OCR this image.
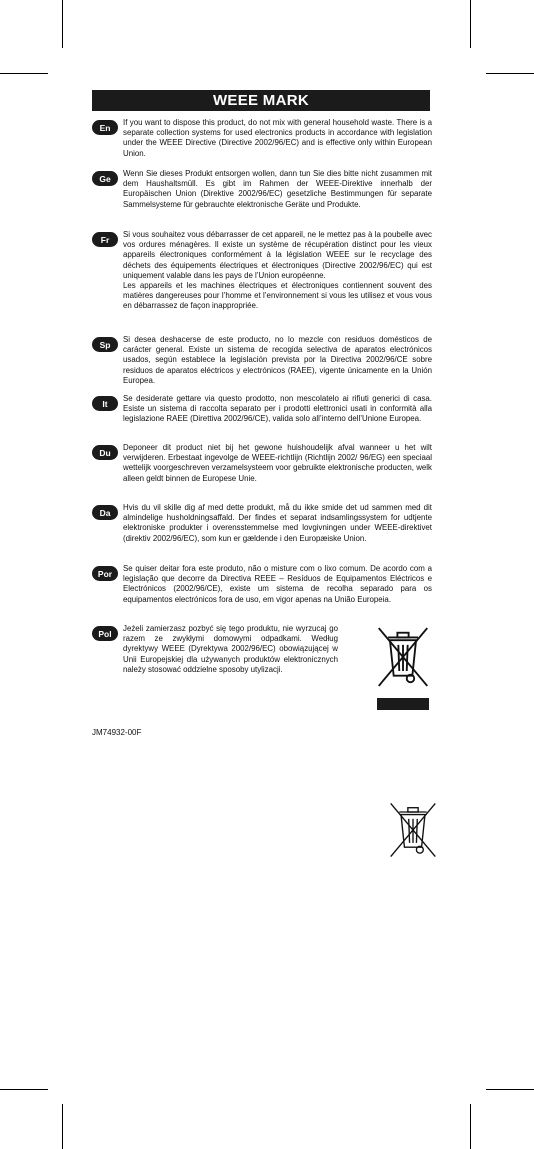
WEEE MARK
En	If you want to dispose this product, do not mix with general household waste. There is a separate collection systems for used electronics products in accordance with legislation under the WEEE Directive (Directive 2002/96/EC) and is effective only within European Union.

Ge	Wenn Sie dieses Produkt entsorgen wollen, dann tun Sie dies bitte nicht zusammen mit dem Haushaltsmüll. Es gibt im Rahmen der WEEE-Direktive innerhalb der Europäischen Union (Direktive 2002/96/EC) gesetzliche Bestimmungen für separate Sammelsysteme für gebrauchte elektronische Geräte und Produkte.

Fr	Si vous souhaitez vous débarrasser de cet appareil, ne le mettez pas à la poubelle avec vos ordures ménagères. Il existe un système de récupération distinct pour les vieux appareils électroniques conformément à la législation WEEE sur le recyclage des déchets des équipements électriques et électroniques (Directive 2002/96/EC) qui est uniquement valable dans les pays de l’Union européenne.

Les appareils et les machines électriques et électroniques contiennent souvent des matières dangereuses pour l’homme et l’environnement si vous les utilisez et vous vous en débarrassez de façon inappropriée.

Sp	Si desea deshacerse de este producto, no lo mezcle con residuos domésticos de carácter general. Existe un sistema de recogida selectiva de aparatos electrónicos usados, según establece la legislación prevista por la Directiva 2002/96/CE sobre residuos de aparatos eléctricos y electrónicos (RAEE), vigente únicamente en la Unión Europea.

It	Se desiderate gettare via questo prodotto, non mescolatelo ai rifiuti generici di casa. Esiste un sistema di raccolta separato per i prodotti elettronici usati in conformità alla legislazione RAEE (Direttiva 2002/96/CE), valida solo all’interno dell’Unione Europea.

Du	Deponeer dit product niet bij het gewone huishoudelijk afval wanneer u het wilt verwijderen. Erbestaat ingevolge de WEEE-richtlijn (Richtlijn 2002/ 96/EG) een speciaal wettelijk voorgeschreven verzamelsysteem voor gebruikte elektronische producten, welk alleen geldt binnen de Europese Unie.

Da	Hvis du vil skille dig af med dette produkt, må du ikke smide det ud sammen med dit almindelige husholdningsaffald. Der findes et separat indsamlingssystem for udtjente elektroniske produkter i overensstemmelse med lovgivningen under WEEE-direktivet (direktiv 2002/96/EC), som kun er gældende i den Europæiske Union.

Por	Se quiser deitar fora este produto, não o misture com o lixo comum. De acordo com a legislação que decorre da Directiva REEE – Resíduos de Equipamentos Eléctricos e Electrónicos (2002/96/CE), existe um sistema de recolha separado para os equipamentos electrónicos fora de uso, em vigor apenas na União Europeia.

Pol	Jeżeli zamierzasz pozbyć się tego produktu, nie wyrzucaj go razem ze zwykłymi domowymi odpadkami. Według dyrektywy WEEE (Dyrektywa 2002/96/EC) obowiązującej w Unii Europejskiej dla używanych produktów elektronicznych należy stosować oddzielne sposoby utylizacji.

JM74932-00F
